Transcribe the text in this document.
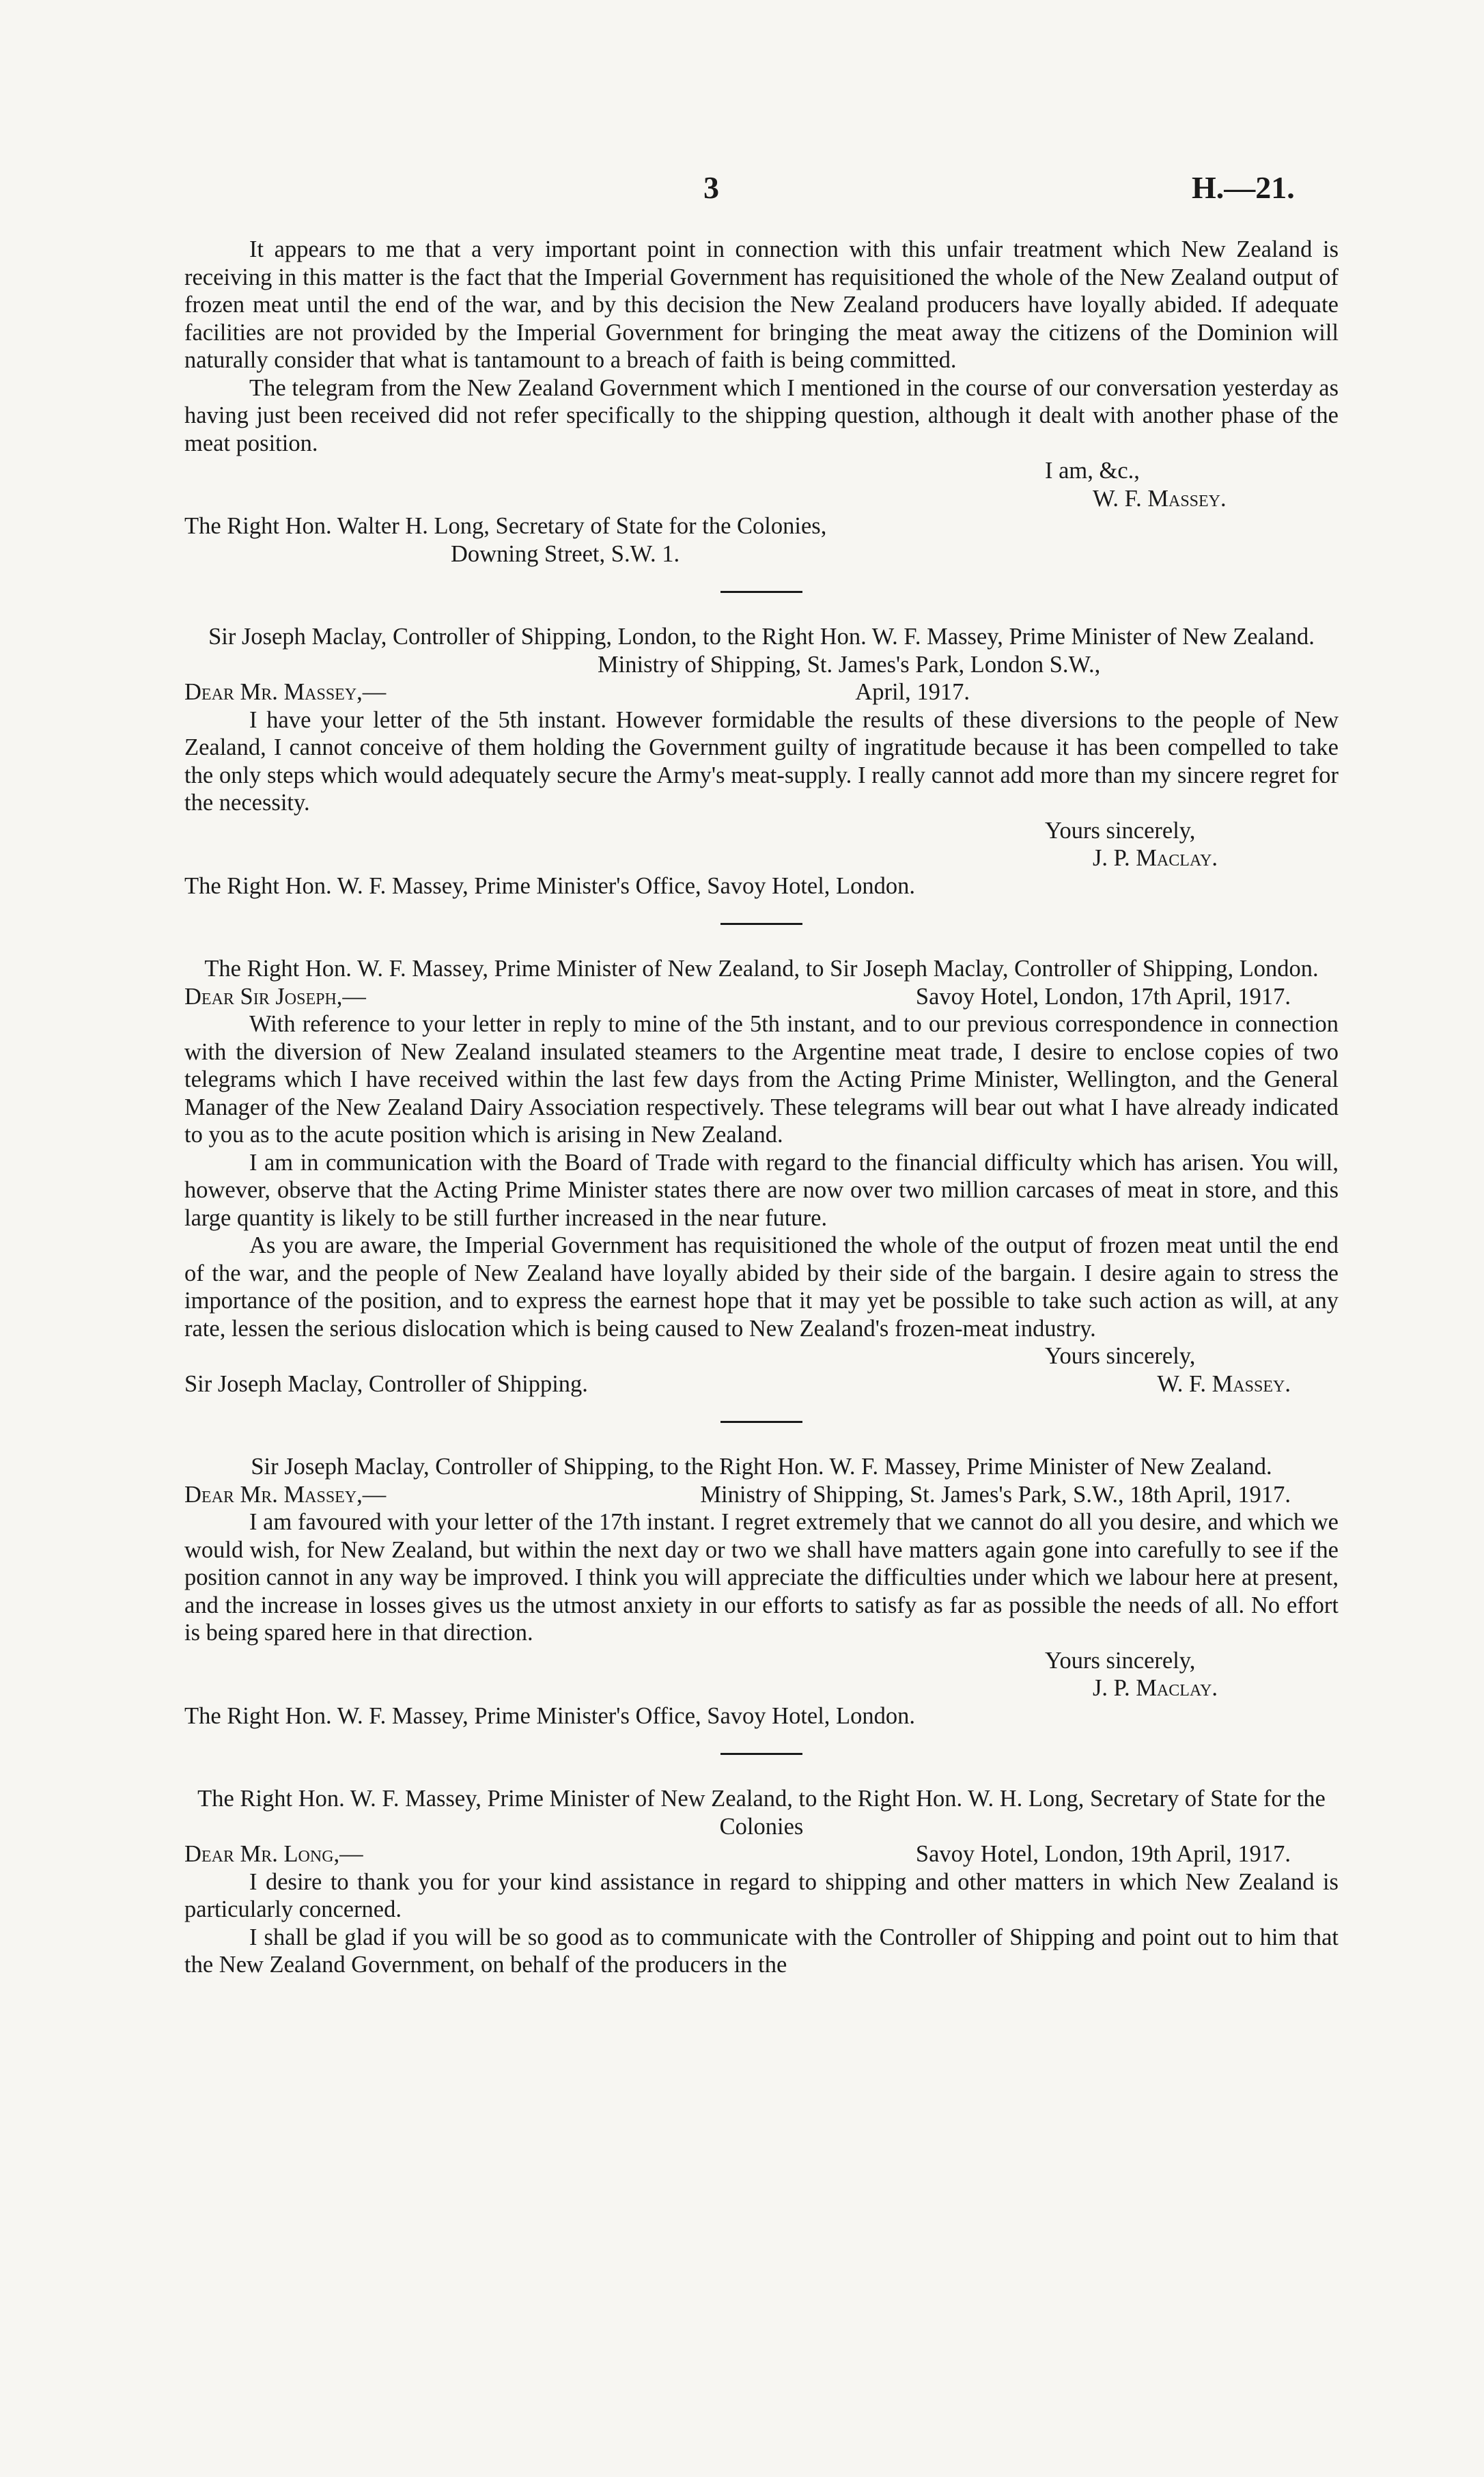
3	H.—21.

It appears to me that a very important point in connection with this unfair treatment which New Zealand is receiving in this matter is the fact that the Imperial Government has requisitioned the whole of the New Zealand output of frozen meat until the end of the war, and by this decision the New Zealand producers have loyally abided. If adequate facilities are not provided by the Imperial Government for bringing the meat away the citizens of the Dominion will naturally consider that what is tantamount to a breach of faith is being committed.

The telegram from the New Zealand Government which I mentioned in the course of our conversation yesterday as having just been received did not refer specifically to the shipping question, although it dealt with another phase of the meat position.

I am, &c.,
W. F. Massey.
The Right Hon. Walter H. Long, Secretary of State for the Colonies,
Downing Street, S.W. 1.

Sir Joseph Maclay, Controller of Shipping, London, to the Right Hon. W. F. Massey, Prime Minister of New Zealand.

Ministry of Shipping, St. James's Park, London S.W.,
Dear Mr. Massey,—	April, 1917.

I have your letter of the 5th instant. However formidable the results of these diversions to the people of New Zealand, I cannot conceive of them holding the Government guilty of ingratitude because it has been compelled to take the only steps which would adequately secure the Army's meat-supply. I really cannot add more than my sincere regret for the necessity.

Yours sincerely,
J. P. Maclay.
The Right Hon. W. F. Massey, Prime Minister's Office, Savoy Hotel, London.

The Right Hon. W. F. Massey, Prime Minister of New Zealand, to Sir Joseph Maclay, Controller of Shipping, London.

Dear Sir Joseph,—	Savoy Hotel, London, 17th April, 1917.

With reference to your letter in reply to mine of the 5th instant, and to our previous correspondence in connection with the diversion of New Zealand insulated steamers to the Argentine meat trade, I desire to enclose copies of two telegrams which I have received within the last few days from the Acting Prime Minister, Wellington, and the General Manager of the New Zealand Dairy Association respectively. These telegrams will bear out what I have already indicated to you as to the acute position which is arising in New Zealand.

I am in communication with the Board of Trade with regard to the financial difficulty which has arisen. You will, however, observe that the Acting Prime Minister states there are now over two million carcases of meat in store, and this large quantity is likely to be still further increased in the near future.

As you are aware, the Imperial Government has requisitioned the whole of the output of frozen meat until the end of the war, and the people of New Zealand have loyally abided by their side of the bargain. I desire again to stress the importance of the position, and to express the earnest hope that it may yet be possible to take such action as will, at any rate, lessen the serious dislocation which is being caused to New Zealand's frozen-meat industry.

Yours sincerely,
Sir Joseph Maclay, Controller of Shipping.	W. F. Massey.

Sir Joseph Maclay, Controller of Shipping, to the Right Hon. W. F. Massey, Prime Minister of New Zealand.

Dear Mr. Massey,—	Ministry of Shipping, St. James's Park, S.W., 18th April, 1917.

I am favoured with your letter of the 17th instant. I regret extremely that we cannot do all you desire, and which we would wish, for New Zealand, but within the next day or two we shall have matters again gone into carefully to see if the position cannot in any way be improved. I think you will appreciate the difficulties under which we labour here at present, and the increase in losses gives us the utmost anxiety in our efforts to satisfy as far as possible the needs of all. No effort is being spared here in that direction.

Yours sincerely,
J. P. Maclay.
The Right Hon. W. F. Massey, Prime Minister's Office, Savoy Hotel, London.

The Right Hon. W. F. Massey, Prime Minister of New Zealand, to the Right Hon. W. H. Long, Secretary of State for the Colonies

Dear Mr. Long,—	Savoy Hotel, London, 19th April, 1917.

I desire to thank you for your kind assistance in regard to shipping and other matters in which New Zealand is particularly concerned.

I shall be glad if you will be so good as to communicate with the Controller of Shipping and point out to him that the New Zealand Government, on behalf of the producers in the
